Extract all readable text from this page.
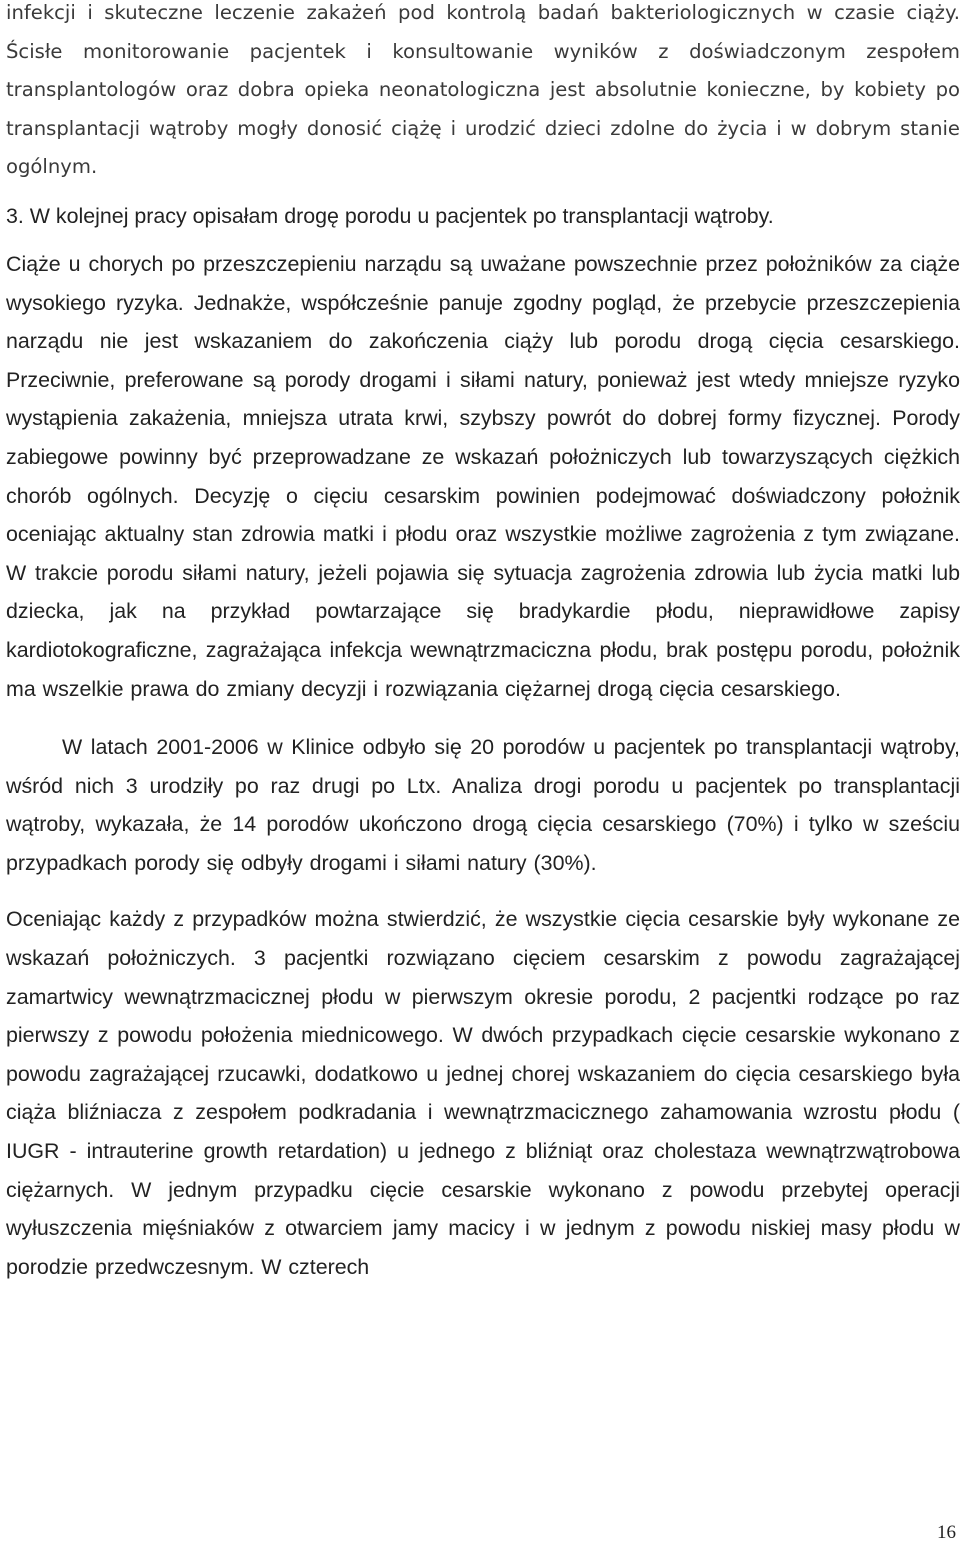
infekcji i skuteczne leczenie zakażeń pod kontrolą badań bakteriologicznych w czasie ciąży. Ścisłe monitorowanie pacjentek i konsultowanie wyników z doświadczonym zespołem transplantologów oraz dobra opieka neonatologiczna jest absolutnie konieczne, by kobiety po transplantacji wątroby mogły donosić ciążę i urodzić dzieci zdolne do życia i w dobrym stanie ogólnym.

3. W kolejnej pracy opisałam drogę porodu u pacjentek po transplantacji wątroby.

Ciąże u chorych po przeszczepieniu narządu są uważane powszechnie przez położników za ciąże wysokiego ryzyka. Jednakże, współcześnie panuje zgodny pogląd, że przebycie przeszczepienia narządu nie jest wskazaniem do zakończenia ciąży lub porodu drogą cięcia cesarskiego. Przeciwnie, preferowane są porody drogami i siłami natury, ponieważ jest wtedy mniejsze ryzyko wystąpienia zakażenia, mniejsza utrata krwi, szybszy powrót do dobrej formy fizycznej. Porody zabiegowe powinny być przeprowadzane ze wskazań położniczych lub towarzyszących ciężkich chorób ogólnych. Decyzję o cięciu cesarskim powinien podejmować doświadczony położnik oceniając aktualny stan zdrowia matki i płodu oraz wszystkie możliwe zagrożenia z tym związane. W trakcie porodu siłami natury, jeżeli pojawia się sytuacja zagrożenia zdrowia lub życia matki lub dziecka, jak na przykład powtarzające się bradykardie płodu, nieprawidłowe zapisy kardiotokograficzne, zagrażająca infekcja wewnątrzmaciczna płodu, brak postępu porodu, położnik ma wszelkie prawa do zmiany decyzji i rozwiązania ciężarnej drogą cięcia cesarskiego.

W latach 2001-2006 w Klinice odbyło się 20 porodów u pacjentek po transplantacji wątroby, wśród nich 3 urodziły po raz drugi po Ltx. Analiza drogi porodu u pacjentek po transplantacji wątroby, wykazała, że 14 porodów ukończono drogą cięcia cesarskiego (70%) i tylko w sześciu przypadkach porody się odbyły drogami i siłami natury (30%).

Oceniając każdy z przypadków można stwierdzić, że wszystkie cięcia cesarskie były wykonane ze wskazań położniczych. 3 pacjentki rozwiązano cięciem cesarskim z powodu zagrażającej zamartwicy wewnątrzmacicznej płodu w pierwszym okresie porodu, 2 pacjentki rodzące po raz pierwszy z powodu położenia miednicowego. W dwóch przypadkach cięcie cesarskie wykonano z powodu zagrażającej rzucawki, dodatkowo u jednej chorej wskazaniem do cięcia cesarskiego była ciąża bliźniacza z zespołem podkradania i wewnątrzmacicznego zahamowania wzrostu płodu ( IUGR - intrauterine growth retardation) u jednego z bliźniąt oraz cholestaza wewnątrzwątrobowa ciężarnych. W jednym przypadku cięcie cesarskie wykonano z powodu przebytej operacji wyłuszczenia mięśniaków z otwarciem jamy macicy i w jednym z powodu niskiej masy płodu w porodzie przedwczesnym. W czterech

16
